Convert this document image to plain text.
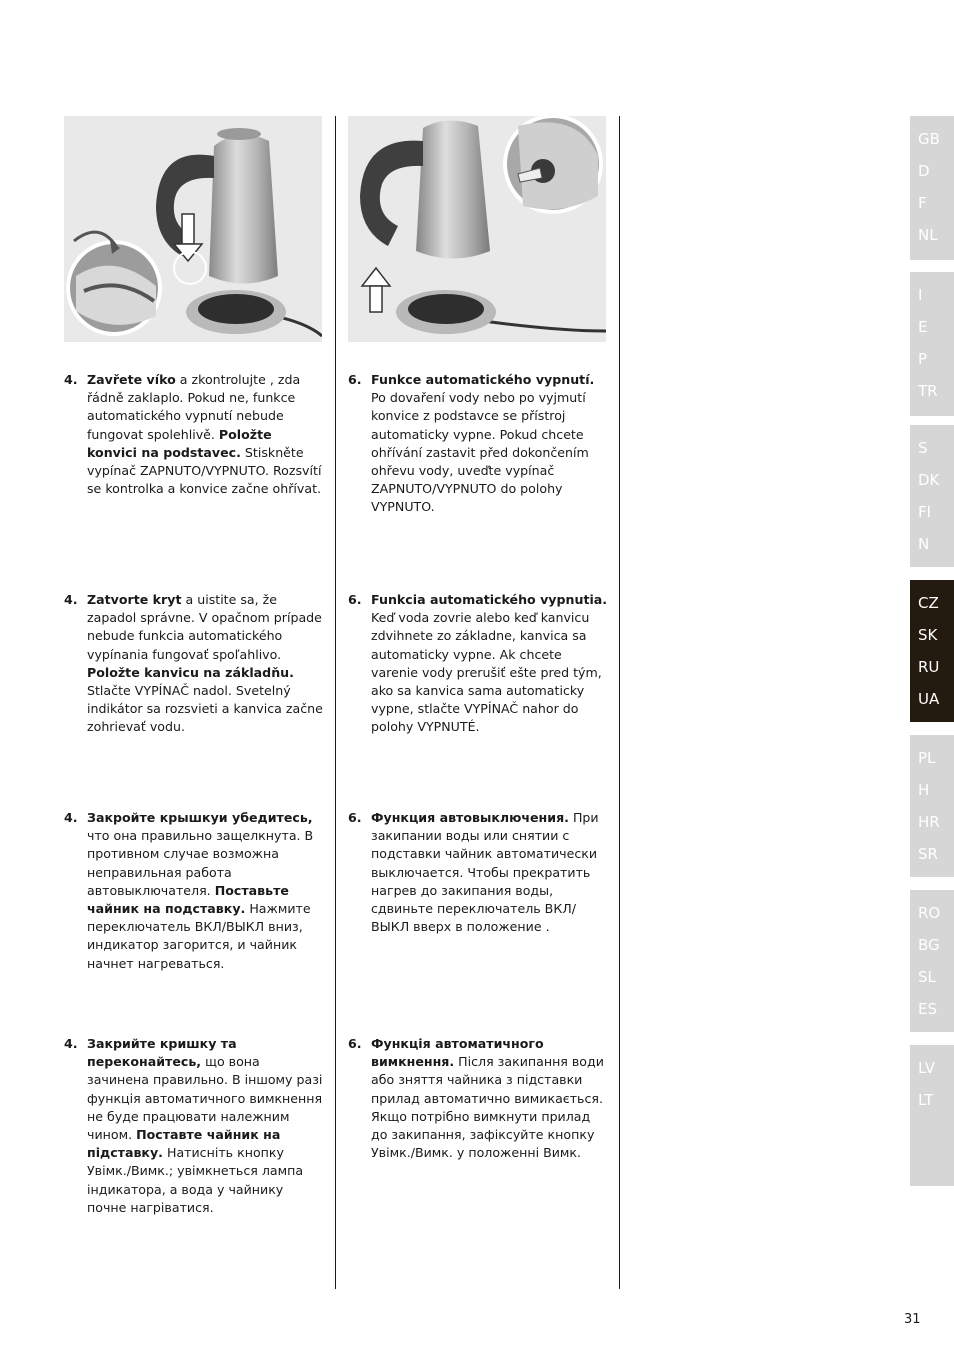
4. Zavřete víko a zkontrolujte , zda řádně zaklaplo. Pokud ne, funkce automatického vypnutí nebude fungovat spolehlivě. Položte konvici na podstavec. Stiskněte vypínač ZAPNUTO/VYPNUTO. Rozsvítí se kontrolka a konvice začne ohřívat.
6. Funkce automatického vypnutí. Po dovaření vody nebo po vyjmutí konvice z podstavce se přístroj automaticky vypne. Pokud chcete ohřívání zastavit před dokončením ohřevu vody, uveďte vypínač ZAPNUTO/VYPNUTO do polohy VYPNUTO.
4. Zatvorte kryt a uistite sa, že zapadol správne. V opačnom prípade nebude funkcia automatického vypínania fungovať spoľahlivo. Položte kanvicu na základňu. Stlačte VYPÍNAČ nadol. Svetelný indikátor sa rozsvieti a kanvica začne zohrievať vodu.
6. Funkcia automatického vypnutia. Keď voda zovrie alebo keď kanvicu zdvihnete zo základne, kanvica sa automaticky vypne. Ak chcete varenie vody prerušiť ešte pred tým, ako sa kanvica sama automaticky vypne, stlačte VYPÍNAČ nahor do polohy VYPNUTÉ.
4. Закройте крышкуи убедитесь, что она правильно защелкнута. В противном случае возможна неправильная работа автовыключателя. Поставьте чайник на подставку. Нажмите переключатель ВКЛ/ВЫКЛ вниз, индикатор загорится, и чайник начнет нагреваться.
6. Функция автовыключения. При закипании воды или снятии с подставки чайник автоматически выключается. Чтобы прекратить нагрев до закипания воды, сдвиньте переключатель ВКЛ/ВЫКЛ вверх в положение .
4. Закрийте кришку та переконайтесь, що вона зачинена правильно. В іншому разі функція автоматичного вимкнення не буде працювати належним чином. Поставте чайник на підставку. Натисніть кнопку Увімк./Вимк.; увімкнеться лампа індикатора, а вода у чайнику почне нагріватися.
6. Функція автоматичного вимкнення. Після закипання води або зняття чайника з підставки прилад автоматично вимикається. Якщо потрібно вимкнути прилад до закипання, зафіксуйте кнопку Увімк./Вимк. у положенні Вимк.
GB
D
F
NL
I
E
P
TR
S
DK
FI
N
CZ
SK
RU
UA
PL
H
HR
SR
RO
BG
SL
ES
LV
LT
31
